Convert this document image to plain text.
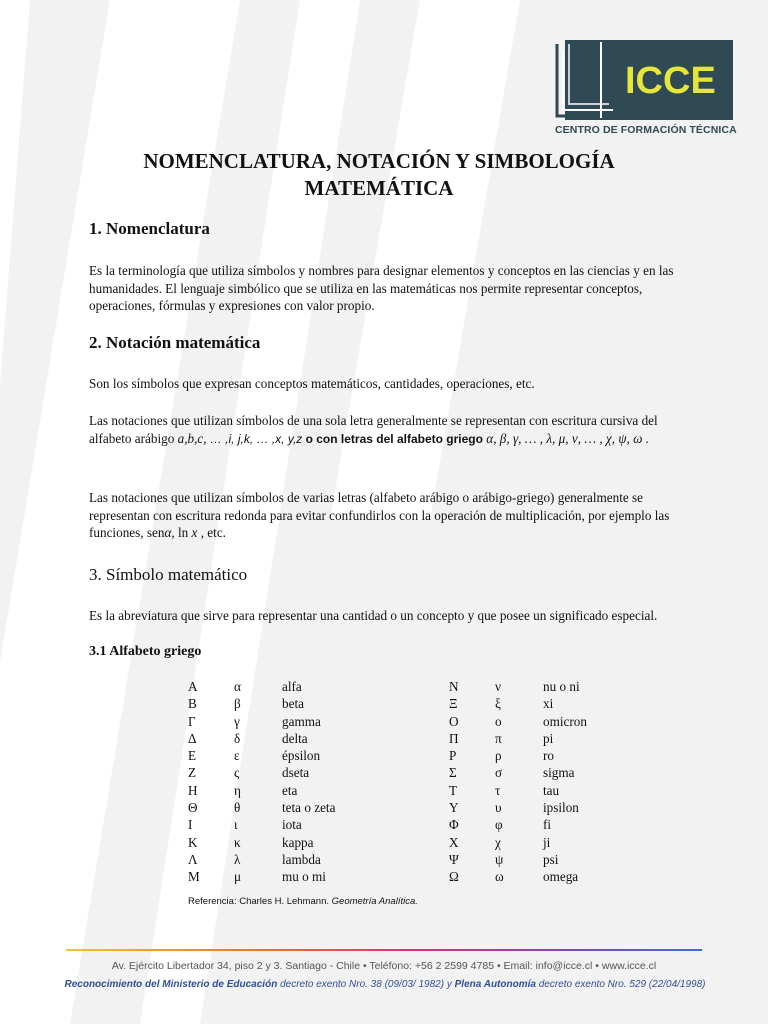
ICCE
CENTRO DE FORMACIÓN TÉCNICA
NOMENCLATURA, NOTACIÓN Y SIMBOLOGÍA
MATEMÁTICA
1. Nomenclatura

Es la terminología que utiliza símbolos y nombres para designar elementos y conceptos en las ciencias y en las humanidades. El lenguaje simbólico que se utiliza en las matemáticas nos permite representar conceptos, operaciones, fórmulas y expresiones con valor propio.

2. Notación matemática

Son los símbolos que expresan conceptos matemáticos, cantidades, operaciones, etc.

Las notaciones que utilizan símbolos de una sola letra generalmente se representan con escritura cursiva del alfabeto arábigo a,b,c, … ,i, j,k, … ,x, y,z o con letras del alfabeto griego α, β, γ, … , λ, μ, ν, … , χ, ψ, ω .

Las notaciones que utilizan símbolos de varias letras (alfabeto arábigo o arábigo-griego) generalmente se representan con escritura redonda para evitar confundirlos con la operación de multiplicación, por ejemplo las funciones, senα, ln x , etc.

3. Símbolo matemático

Es la abreviatura que sirve para representar una cantidad o un concepto y que posee un significado especial.

3.1 Alfabeto griego
A	α	alfa
B	β	beta
Γ	γ	gamma
Δ	δ	delta
E	ε	épsilon
Z	ς	dseta
H	η	eta
Θ	θ	teta o zeta
I	ι	iota
K	κ	kappa
Λ	λ	lambda
M	μ	mu o mi
N	ν	nu o ni
Ξ	ξ	xi
O	ο	omicron
Π	π	pi
P	ρ	ro
Σ	σ	sigma
T	τ	tau
Y	υ	ipsilon
Φ	φ	fi
X	χ	ji
Ψ	ψ	psi
Ω	ω	omega
Referencia: Charles H. Lehmann. Geometría Analítica.
Av. Ejército Libertador 34, piso 2 y 3. Santiago - Chile • Teléfono: +56 2 2599 4785 • Email: info@icce.cl • www.icce.cl
Reconocimiento del Ministerio de Educación decreto exento Nro. 38 (09/03/ 1982) y Plena Autonomía decreto exento Nro. 529 (22/04/1998)
